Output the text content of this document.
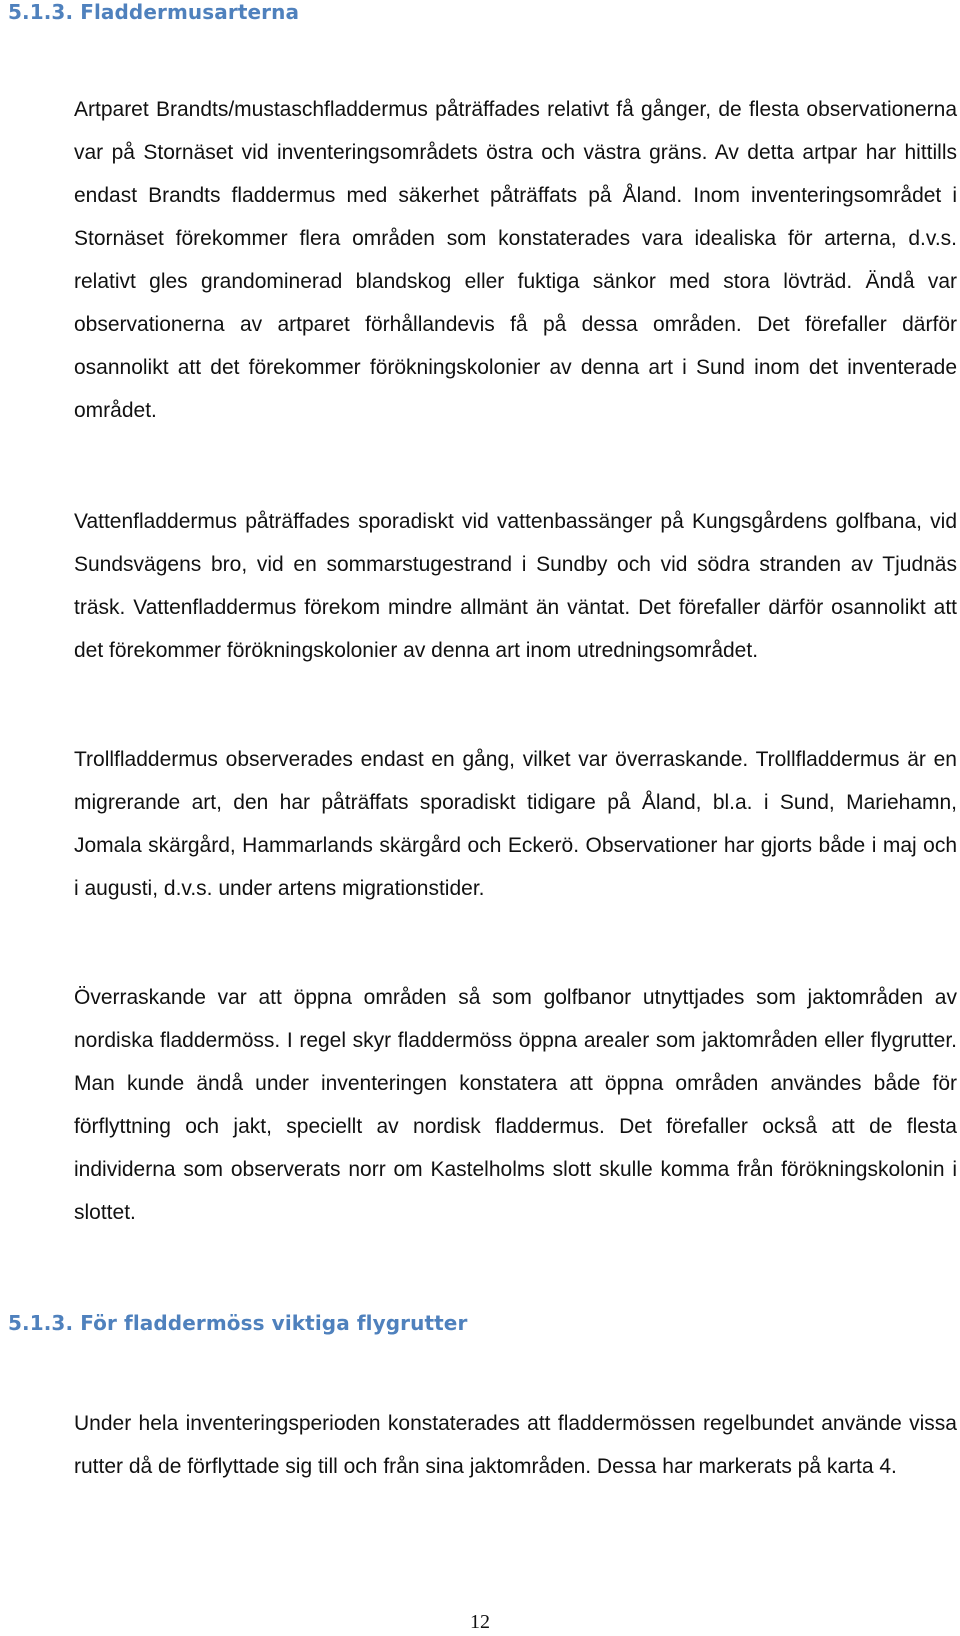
5.1.3. Fladdermusarterna

Artparet Brandts/mustaschfladdermus påträffades relativt få gånger, de flesta observationerna var på Stornäset vid inventeringsområdets östra och västra gräns. Av detta artpar har hittills endast Brandts fladdermus med säkerhet påträffats på Åland. Inom inventeringsområdet i Stornäset förekommer flera områden som konstaterades vara idealiska för arterna, d.v.s. relativt gles grandominerad blandskog eller fuktiga sänkor med stora lövträd. Ändå var observationerna av artparet förhållandevis få på dessa områden. Det förefaller därför osannolikt att det förekommer förökningskolonier av denna art i Sund inom det inventerade området.

Vattenfladdermus påträffades sporadiskt vid vattenbassänger på Kungsgårdens golfbana, vid Sundsvägens bro, vid en sommarstugestrand i Sundby och vid södra stranden av Tjudnäs träsk. Vattenfladdermus förekom mindre allmänt än väntat. Det förefaller därför osannolikt att det förekommer förökningskolonier av denna art inom utredningsområdet.

Trollfladdermus observerades endast en gång, vilket var överraskande. Trollfladdermus är en migrerande art, den har påträffats sporadiskt tidigare på Åland, bl.a. i Sund, Mariehamn, Jomala skärgård, Hammarlands skärgård och Eckerö. Observationer har gjorts både i maj och i augusti, d.v.s. under artens migrationstider.

Överraskande var att öppna områden så som golfbanor utnyttjades som jaktområden av nordiska fladdermöss. I regel skyr fladdermöss öppna arealer som jaktområden eller flygrutter. Man kunde ändå under inventeringen konstatera att öppna områden användes både för förflyttning och jakt, speciellt av nordisk fladdermus. Det förefaller också att de flesta individerna som observerats norr om Kastelholms slott skulle komma från förökningskolonin i slottet.

5.1.3. För fladdermöss viktiga flygrutter

Under hela inventeringsperioden konstaterades att fladdermössen regelbundet använde vissa rutter då de förflyttade sig till och från sina jaktområden. Dessa har markerats på karta 4.

12
